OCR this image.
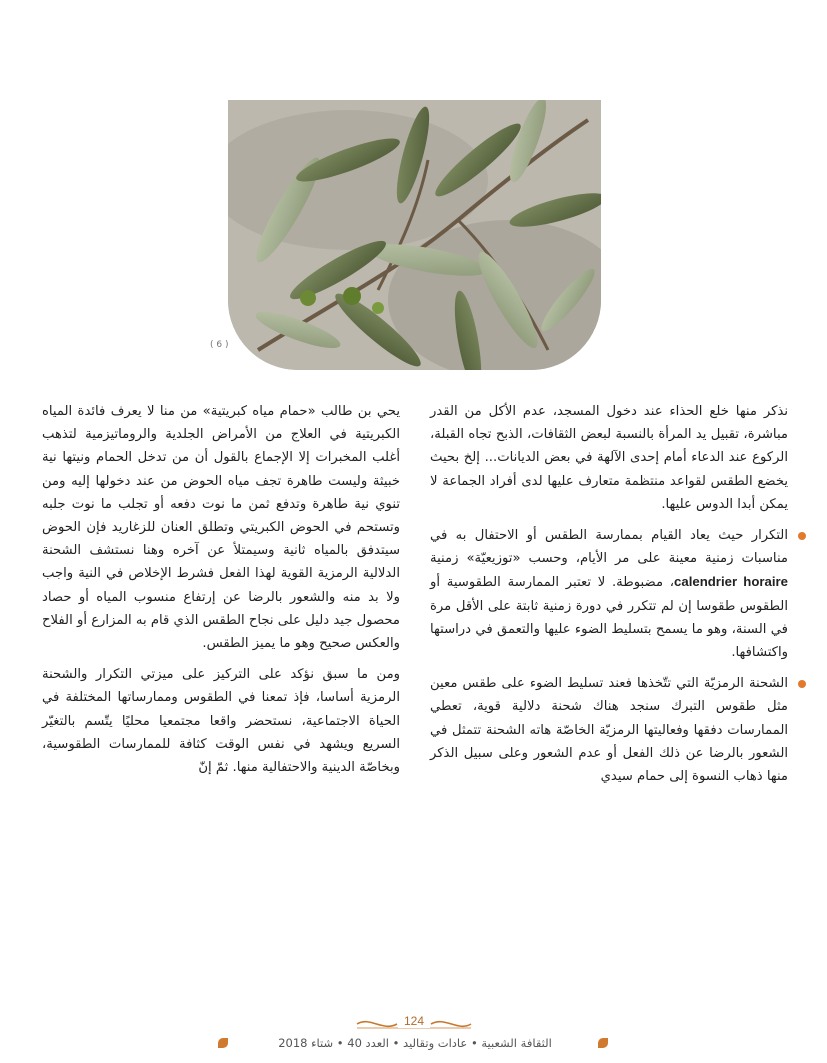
( 6 )

نذكر منها خلع الحذاء عند دخول المسجد، عدم الأكل من القدر مباشرة، تقبيل يد المرأة بالنسبة لبعض الثقافات، الذبح تجاه القبلة، الركوع عند الدعاء أمام إحدى الآلهة في بعض الديانات... إلخ بحيث يخضع الطقس لقواعد منتظمة متعارف عليها لدى أفراد الجماعة لا يمكن أبدا الدوس عليها.

التكرار حيث يعاد القيام بممارسة الطقس أو الاحتفال به في مناسبات زمنية معينة على مر الأيام، وحسب «توزيعيّة» زمنية calendrier horaire، مضبوطة. لا تعتبر الممارسة الطقوسية أو الطقوس طقوسا إن لم تتكرر في دورة زمنية ثابتة على الأقل مرة في السنة، وهو ما يسمح بتسليط الضوء عليها والتعمق في دراستها واكتشافها.

الشحنة الرمزيّة التي تتّخذها فعند تسليط الضوء على طقس معين مثل طقوس التبرك سنجد هناك شحنة دلالية قوية، تعطي الممارسات دفقها وفعاليتها الرمزيّة الخاصّة هاته الشحنة تتمثل في الشعور بالرضا عن ذلك الفعل أو عدم الشعور وعلى سبيل الذكر منها ذهاب النسوة إلى حمام سيدي

يحي بن طالب «حمام مياه كبريتية» من منا لا يعرف فائدة المياه الكبريتية في العلاج من الأمراض الجلدية والروماتيزمية لتذهب أغلب المخبرات إلا الإجماع بالقول أن من تدخل الحمام ونيتها نية خبيثة وليست طاهرة تجف مياه الحوض من عند دخولها إليه ومن تنوي نية طاهرة وتدفع ثمن ما نوت دفعه أو تجلب ما نوت جلبه وتستحم في الحوض الكبريتي وتطلق العنان للزغاريد فإن الحوض سيتدفق بالمياه ثانية وسيمتلأ عن آخره وهنا نستشف الشحنة الدلالية الرمزية القوية لهذا الفعل فشرط الإخلاص في النية واجب ولا بد منه والشعور بالرضا عن إرتفاع منسوب المياه أو حصاد محصول جيد دليل على نجاح الطقس الذي قام به المزارع أو الفلاح والعكس صحيح وهو ما يميز الطقس.

ومن ما سبق نؤكد على التركيز على ميزتي التكرار والشحنة الرمزية أساسا، فإذ تمعنا في الطقوس وممارساتها المختلفة في الحياة الاجتماعية، نستحضر واقعا مجتمعيا محليًا يتّسم بالتغيّر السريع ويشهد في نفس الوقت كثافة للممارسات الطقوسية، وبخاصّة الدينية والاحتفالية منها. ثمّ إنّ

124
الثقافة الشعبية • عادات وتقاليد • العدد 40 • شتاء 2018
